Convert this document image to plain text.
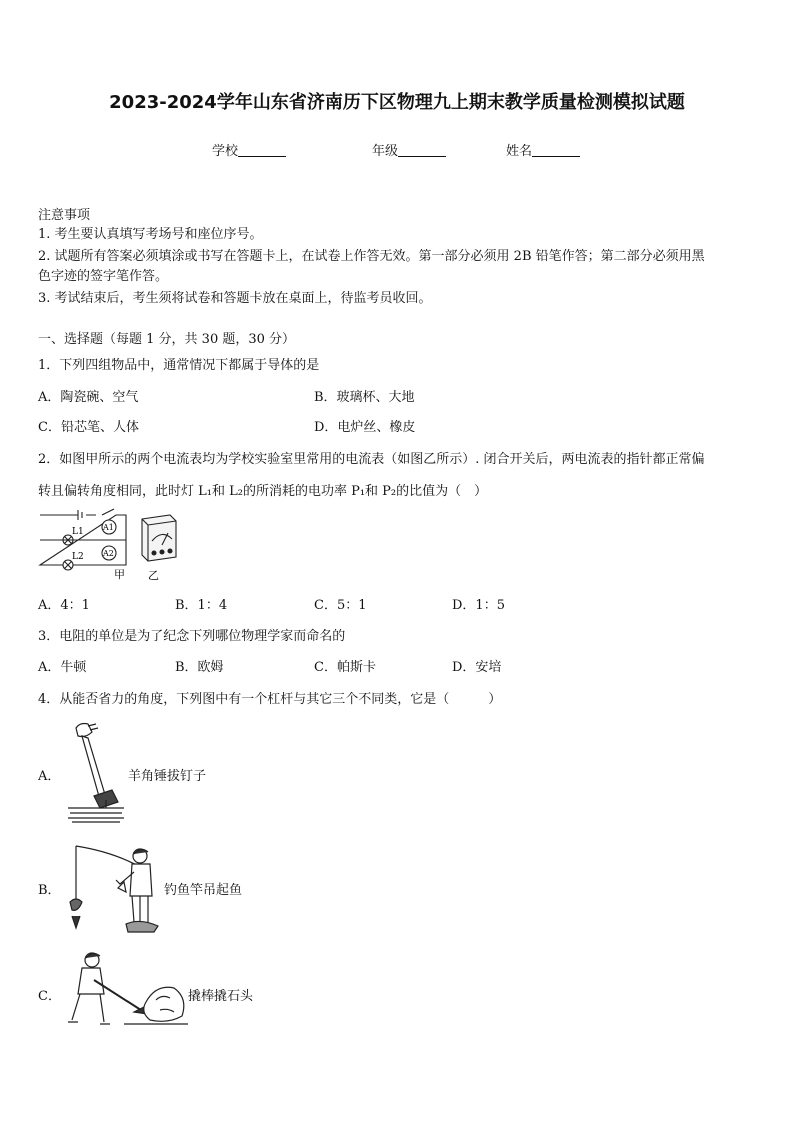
2023-2024学年山东省济南历下区物理九上期末教学质量检测模拟试题
学校	年级	姓名
注意事项
1. 考生要认真填写考场号和座位序号。
2. 试题所有答案必须填涂或书写在答题卡上，在试卷上作答无效。第一部分必须用 2B 铅笔作答；第二部分必须用黑
色字迹的签字笔作答。
3. 考试结束后，考生须将试卷和答题卡放在桌面上，待监考员收回。
一、选择题（每题 1 分，共 30 题，30 分）
1．下列四组物品中，通常情况下都属于导体的是
A．陶瓷碗、空气	B．玻璃杯、大地
C．铅芯笔、人体	D．电炉丝、橡皮
2．如图甲所示的两个电流表均为学校实验室里常用的电流表（如图乙所示）. 闭合开关后，两电流表的指针都正常偏
转且偏转角度相同，此时灯 L₁和 L₂的所消耗的电功率 P₁和 P₂的比值为（　）
L1
L2
A1
A2
甲 乙
A．4：1	B．1：4	C．5：1	D．1：5
3．电阻的单位是为了纪念下列哪位物理学家而命名的
A．牛顿	B．欧姆	C．帕斯卡	D．安培
4．从能否省力的角度，下列图中有一个杠杆与其它三个不同类，它是（　　　）
A．	羊角锤拔钉子
B．	钓鱼竿吊起鱼
C．	撬棒撬石头
